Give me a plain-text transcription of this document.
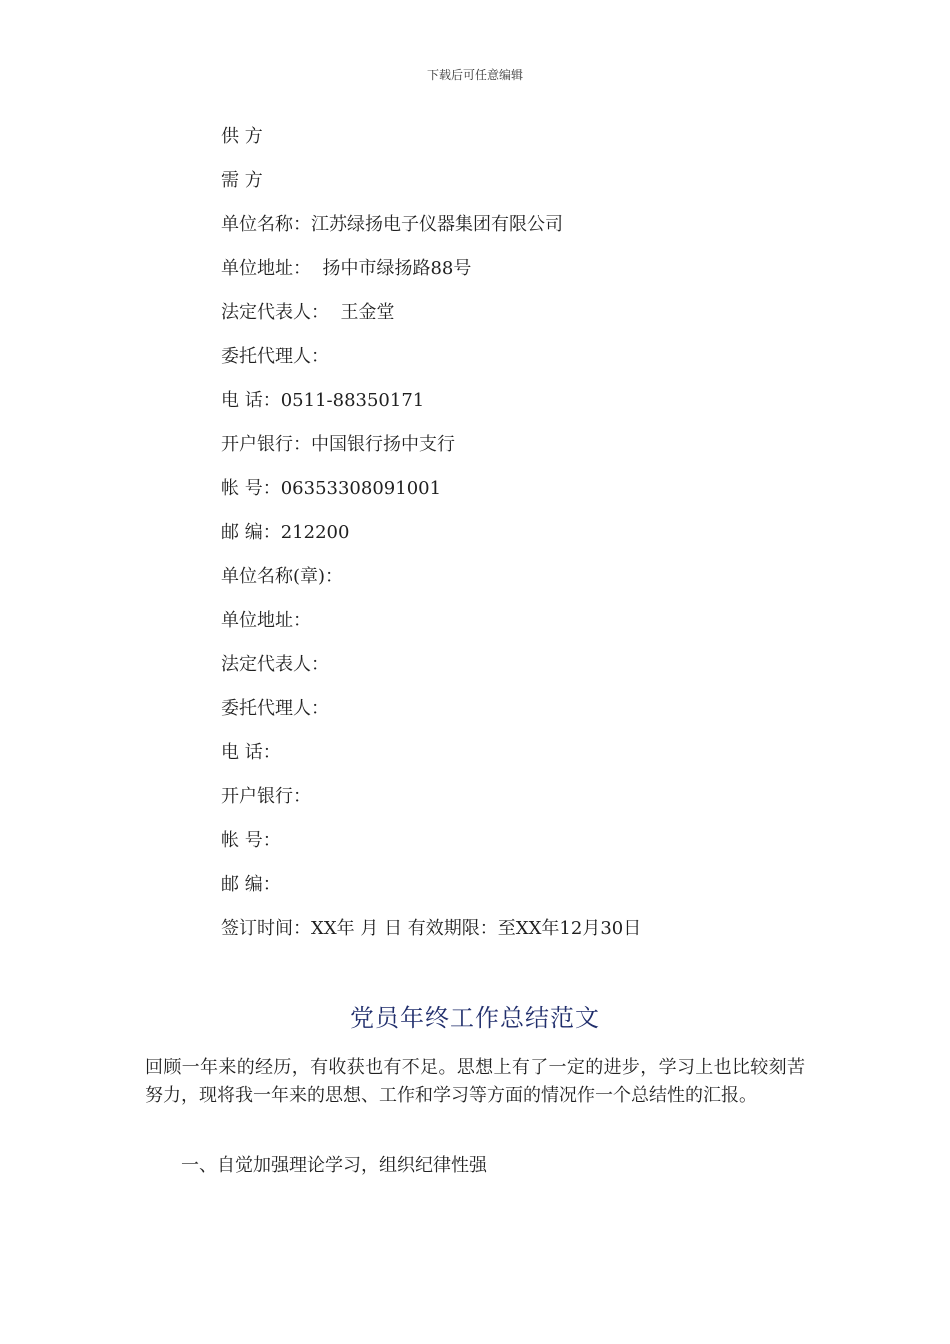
下载后可任意编辑
供 方
需 方
单位名称：江苏绿扬电子仪器集团有限公司
单位地址：  扬中市绿扬路88号
法定代表人：  王金堂
委托代理人：
电 话：0511-88350171
开户银行：中国银行扬中支行
帐 号：06353308091001
邮 编：212200
单位名称(章)：
单位地址：
法定代表人：
委托代理人：
电 话：
开户银行：
帐 号：
邮 编：
签订时间：XX年 月 日 有效期限：至XX年12月30日
党员年终工作总结范文
回顾一年来的经历，有收获也有不足。思想上有了一定的进步，学习上也比较刻苦努力，现将我一年来的思想、工作和学习等方面的情况作一个总结性的汇报。
一、自觉加强理论学习，组织纪律性强
